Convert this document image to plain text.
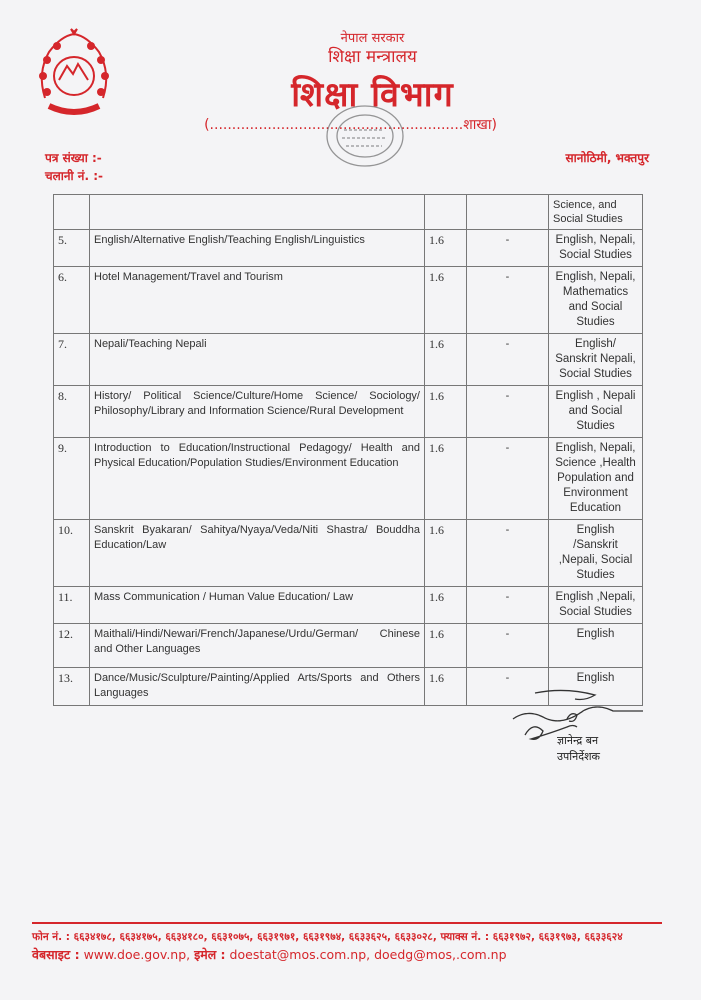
नेपाल सरकार
शिक्षा मन्त्रालय
शिक्षा विभाग
(.........................................................शाखा)
पत्र संख्या :-
चलानी नं. :-
सानोठिमी, भक्तपुर
				Science, and Social Studies
5.	English/Alternative English/Teaching English/Linguistics	1.6	-	English, Nepali, Social Studies
6.	Hotel Management/Travel and Tourism	1.6	-	English, Nepali, Mathematics and Social Studies
7.	Nepali/Teaching Nepali	1.6	-	English/ Sanskrit Nepali, Social Studies
8.	History/ Political Science/Culture/Home Science/ Sociology/ Philosophy/Library and Information Science/Rural Development	1.6	-	English , Nepali and Social Studies
9.	Introduction to Education/Instructional Pedagogy/ Health and Physical Education/Population Studies/Environment Education	1.6	-	English, Nepali, Science ,Health Population and Environment Education
10.	Sanskrit Byakaran/ Sahitya/Nyaya/Veda/Niti Shastra/ Bouddha Education/Law	1.6	-	English /Sanskrit ,Nepali, Social Studies
11.	Mass Communication / Human Value Education/ Law	1.6	-	English ,Nepali, Social Studies
12.	Maithali/Hindi/Newari/French/Japanese/Urdu/German/ Chinese and Other Languages	1.6	-	English
13.	Dance/Music/Sculpture/Painting/Applied Arts/Sports and Others Languages	1.6	-	English
ज्ञानेन्द्र बन
उपनिर्देशक
फोन नं. : ६६३४१७८, ६६३४१७५, ६६३४१८०, ६६३१०७५, ६६३१९७१, ६६३१९७४, ६६३३६२५, ६६३३०२८, फ्याक्स नं. : ६६३१९७२, ६६३१९७३, ६६३३६२४
वेबसाइट : www.doe.gov.np, इमेल : doestat@mos.com.np, doedg@mos,.com.np
